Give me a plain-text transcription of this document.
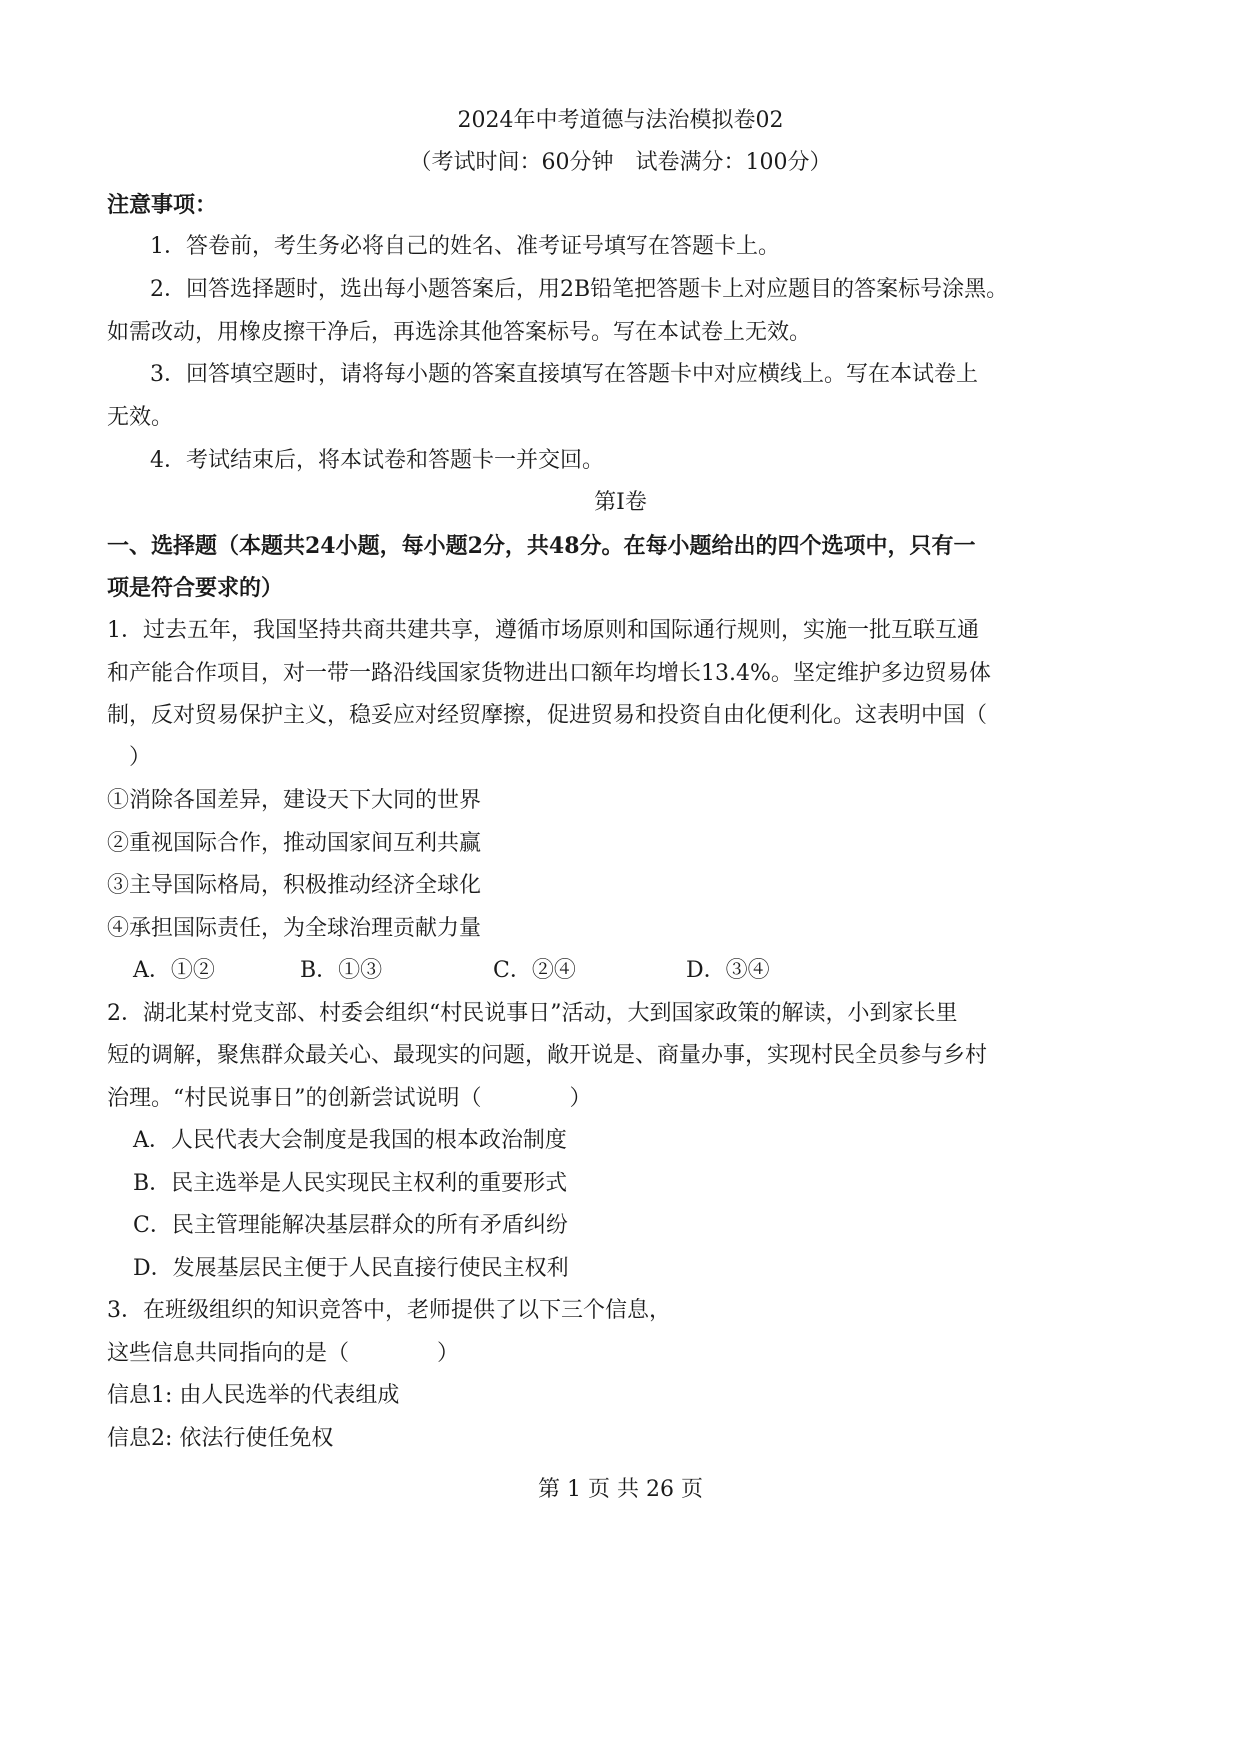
2024年中考道德与法治模拟卷02
（考试时间：60分钟　试卷满分：100分）
注意事项：
1．答卷前，考生务必将自己的姓名、准考证号填写在答题卡上。
2．回答选择题时，选出每小题答案后，用2B铅笔把答题卡上对应题目的答案标号涂黑。
如需改动，用橡皮擦干净后，再选涂其他答案标号。写在本试卷上无效。
3．回答填空题时，请将每小题的答案直接填写在答题卡中对应横线上。写在本试卷上
无效。
4．考试结束后，将本试卷和答题卡一并交回。
第Ⅰ卷
一、选择题（本题共24小题，每小题2分，共48分。在每小题给出的四个选项中，只有一
项是符合要求的）
1．过去五年，我国坚持共商共建共享，遵循市场原则和国际通行规则，实施一批互联互通
和产能合作项目，对一带一路沿线国家货物进出口额年均增长13.4%。坚定维护多边贸易体
制，反对贸易保护主义，稳妥应对经贸摩擦，促进贸易和投资自由化便利化。这表明中国（
　）
①消除各国差异，建设天下大同的世界
②重视国际合作，推动国家间互利共赢
③主导国际格局，积极推动经济全球化
④承担国际责任，为全球治理贡献力量
A．①②	B．①③	C．②④	D．③④
2．湖北某村党支部、村委会组织“村民说事日”活动，大到国家政策的解读，小到家长里
短的调解，聚焦群众最关心、最现实的问题，敞开说是、商量办事，实现村民全员参与乡村
治理。“村民说事日”的创新尝试说明（　　　　）
A．人民代表大会制度是我国的根本政治制度
B．民主选举是人民实现民主权利的重要形式
C．民主管理能解决基层群众的所有矛盾纠纷
D．发展基层民主便于人民直接行使民主权利
3．在班级组织的知识竞答中，老师提供了以下三个信息，
这些信息共同指向的是（　　　　）
信息1: 由人民选举的代表组成
信息2: 依法行使任免权
第 1 页 共 26 页
